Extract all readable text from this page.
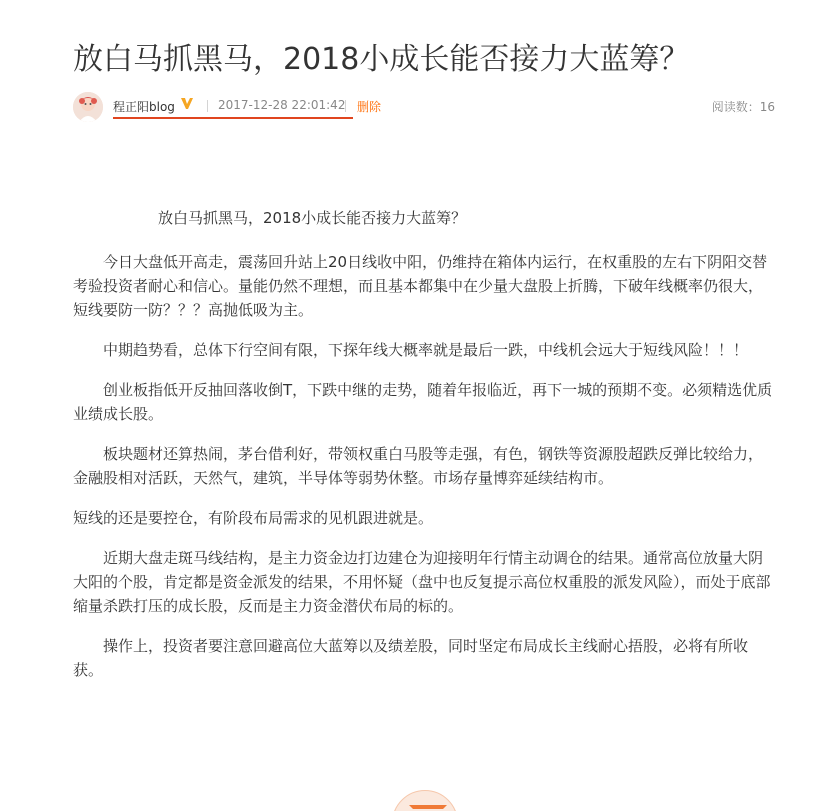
放白马抓黑马，2018小成长能否接力大蓝筹？
程正阳blog	2017-12-28 22:01:42 删除	阅读数：16

放白马抓黑马，2018小成长能否接力大蓝筹？

今日大盘低开高走，震荡回升站上20日线收中阳，仍维持在箱体内运行，在权重股的左右下阴阳交替考验投资者耐心和信心。量能仍然不理想，而且基本都集中在少量大盘股上折腾，下破年线概率仍很大，短线要防一防？？？高抛低吸为主。

中期趋势看，总体下行空间有限，下探年线大概率就是最后一跌，中线机会远大于短线风险！！！

创业板指低开反抽回落收倒T，下跌中继的走势，随着年报临近，再下一城的预期不变。必须精选优质业绩成长股。

板块题材还算热闹，茅台借利好，带领权重白马股等走强，有色，钢铁等资源股超跌反弹比较给力，金融股相对活跃，天然气，建筑，半导体等弱势休整。市场存量博弈延续结构市。

短线的还是要控仓，有阶段布局需求的见机跟进就是。

近期大盘走斑马线结构，是主力资金边打边建仓为迎接明年行情主动调仓的结果。通常高位放量大阴大阳的个股，肯定都是资金派发的结果，不用怀疑（盘中也反复提示高位权重股的派发风险），而处于底部缩量杀跌打压的成长股，反而是主力资金潜伏布局的标的。

操作上，投资者要注意回避高位大蓝筹以及绩差股，同时坚定布局成长主线耐心捂股，必将有所收获。
